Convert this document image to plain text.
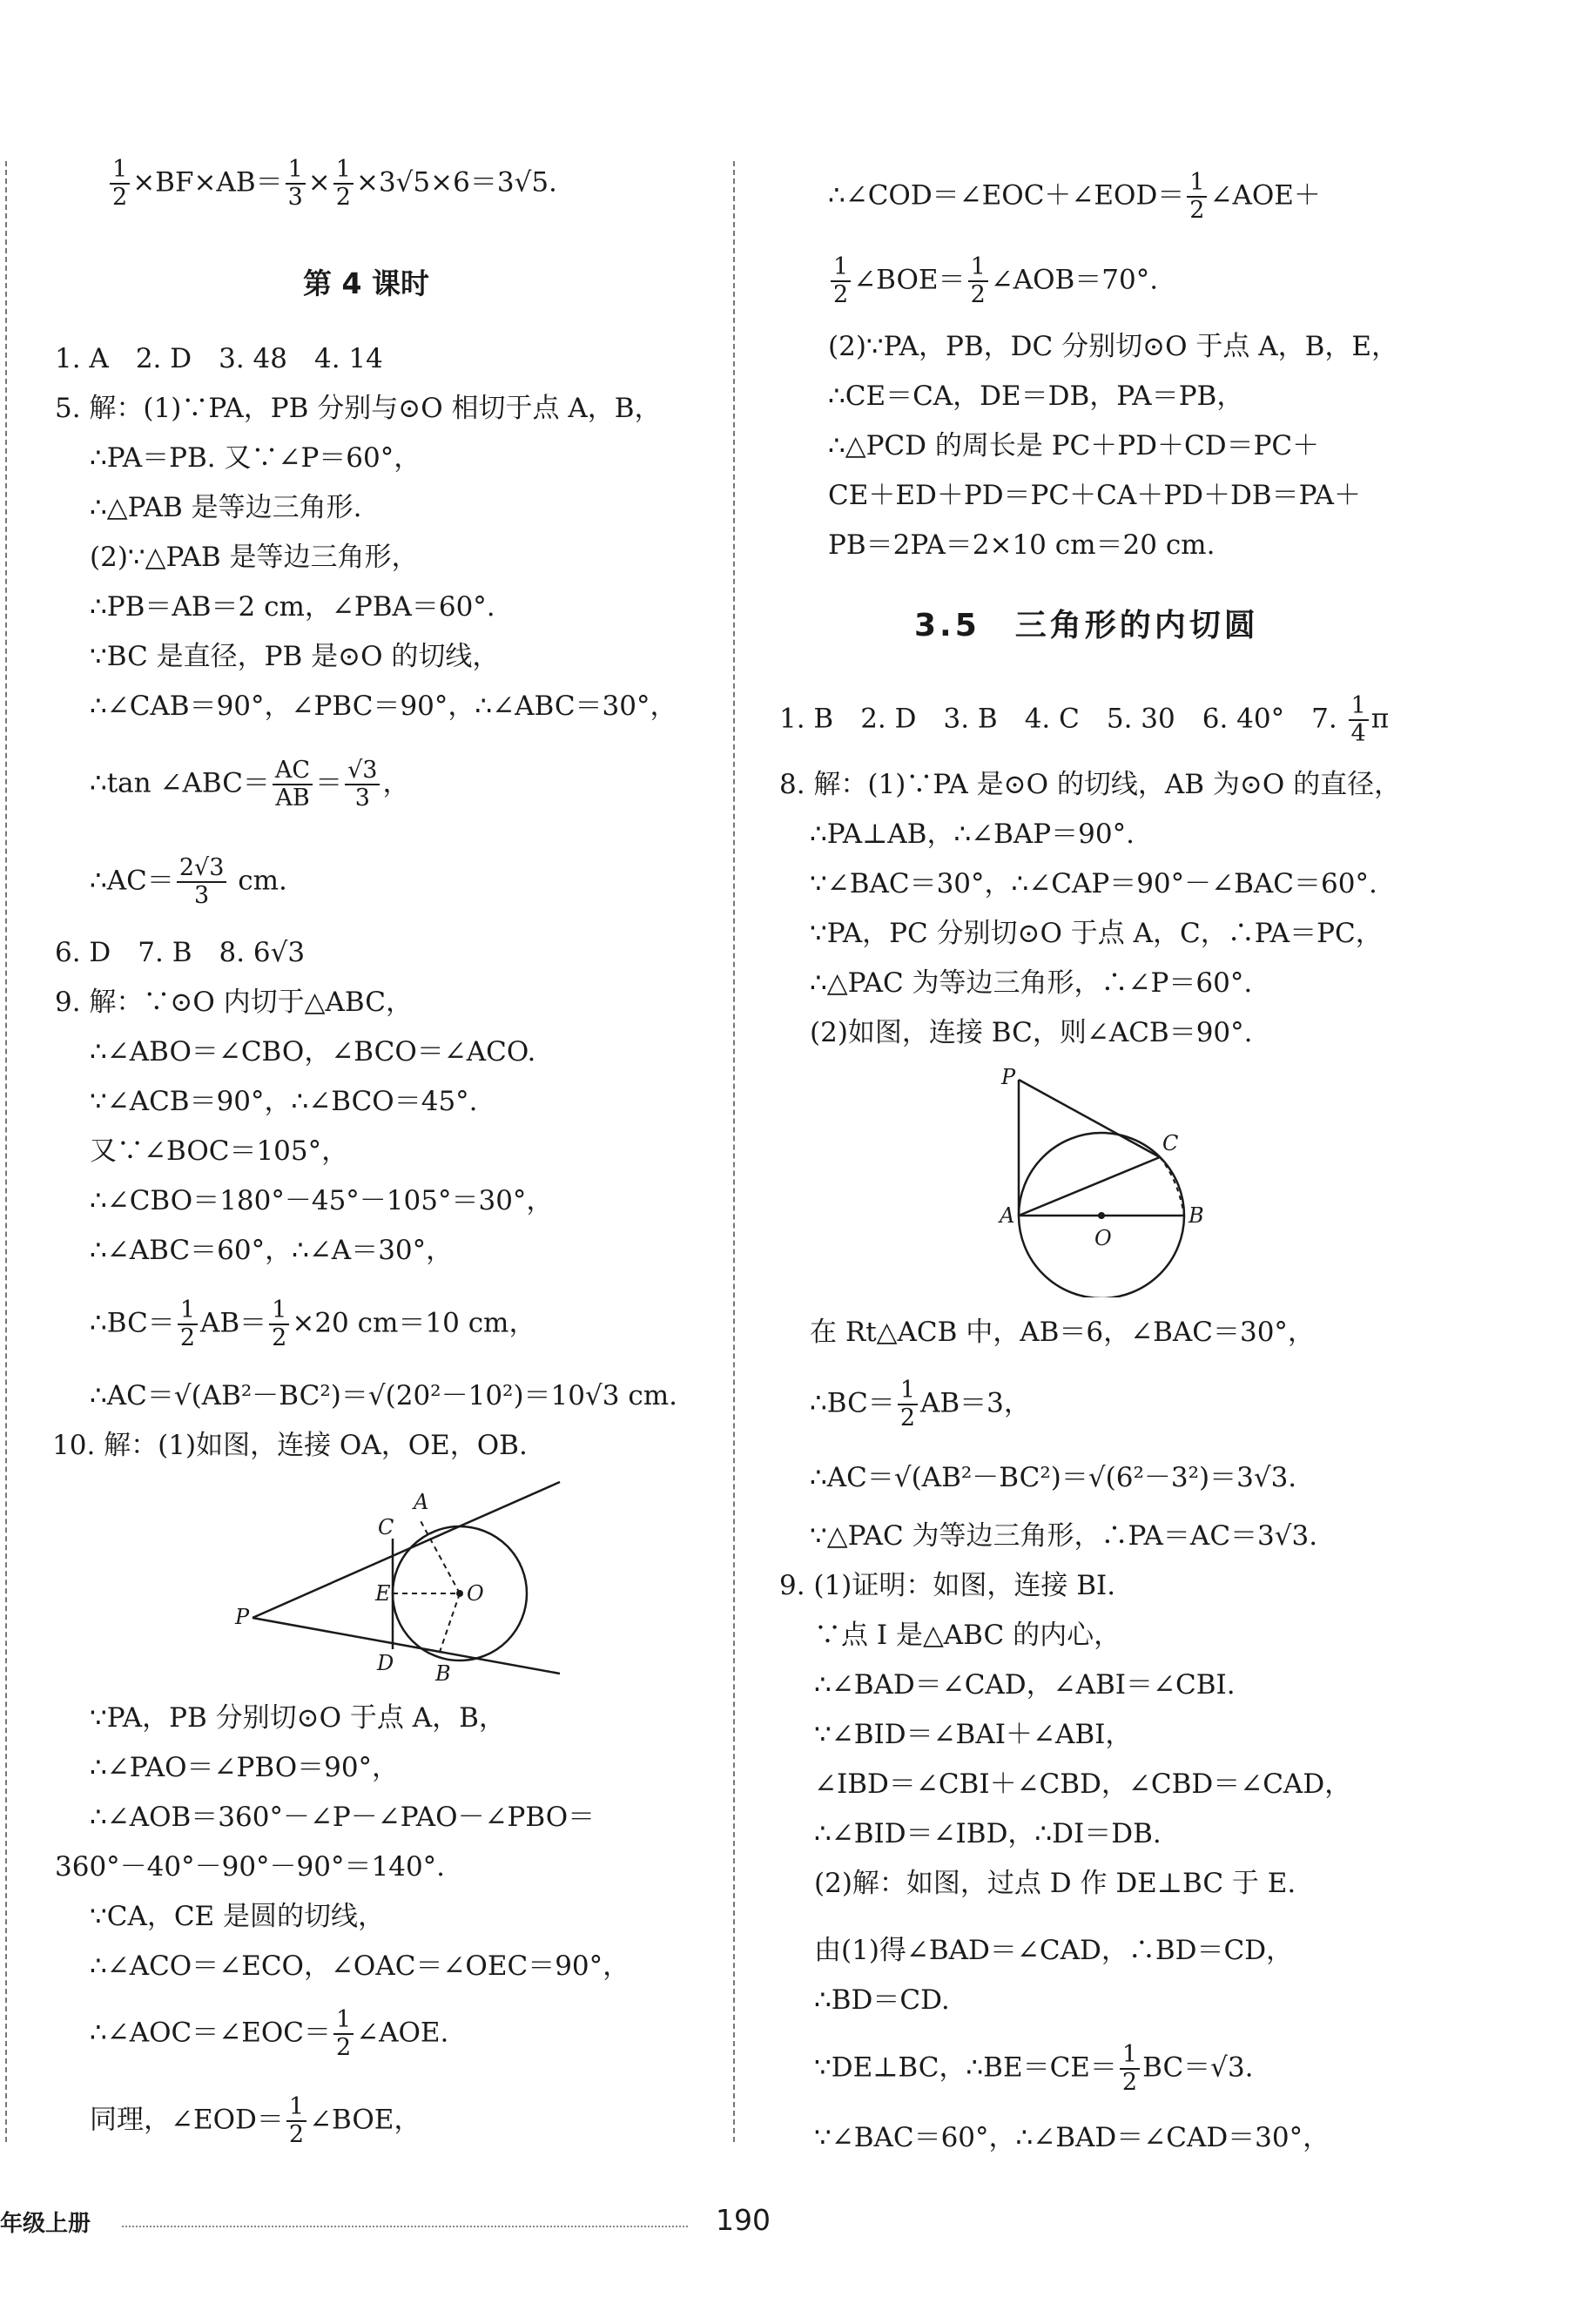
$\frac{1}{2} \times BF\times AB= \frac{1}{3} \times \frac{1}{2} \times 3√5\times 6=3√5$.
第 4 课时
1. A　2. D　3. 48　4. 14
5. 解：(1)∵PA，PB 分别与⊙O 相切于点 A，B，
∴PA＝PB. 又∵∠P＝60°，
∴△PAB 是等边三角形.
(2)∵△PAB 是等边三角形，
∴PB＝AB＝2 cm，∠PBA＝60°.
∵BC 是直径，PB 是⊙O 的切线，
∴∠CAB＝90°，∠PBC＝90°，∴∠ABC＝30°，
∴tan ∠ABC＝ $\frac{AC}{AB} = \frac{√3}{3}$ ，
∴AC＝ $\frac{2√3}{3}$ cm.
6. D　7. B　8. 6√3
9. 解：∵⊙O 内切于△ABC，
∴∠ABO＝∠CBO，∠BCO＝∠ACO.
∵∠ACB＝90°，∴∠BCO＝45°.
又∵∠BOC＝105°，
∴∠CBO＝180°－45°－105°＝30°，
∴∠ABC＝60°，∴∠A＝30°，
∴BC＝ $\frac{1}{2} AB= \frac{1}{2} \times 20$ cm＝10 cm，
∴AC＝√(AB²－BC²)＝√(20²－10²)＝10√3 cm.
10. 解：(1)如图，连接 OA，OE，OB.
P
A
C
E	O
D B
∵PA，PB 分别切⊙O 于点 A，B，
∴∠PAO＝∠PBO＝90°，
∴∠AOB＝360°－∠P－∠PAO－∠PBO＝
360°－40°－90°－90°＝140°.
∵CA，CE 是圆的切线，
∴∠ACO＝∠ECO，∠OAC＝∠OEC＝90°，
∴∠AOC＝∠EOC＝ $\frac{1}{2}$ ∠AOE.
同理，∠EOD＝ $\frac{1}{2}$ ∠BOE，
∴∠COD＝∠EOC＋∠EOD＝ $\frac{1}{2}$ ∠AOE＋
$\frac{1}{2}$ ∠BOE＝ $\frac{1}{2}$ ∠AOB＝70°.
(2)∵PA，PB，DC 分别切⊙O 于点 A，B，E，
∴CE＝CA，DE＝DB，PA＝PB，
∴△PCD 的周长是 PC＋PD＋CD＝PC＋
CE＋ED＋PD＝PC＋CA＋PD＋DB＝PA＋
PB＝2PA＝2×10 cm＝20 cm.
3.5　三角形的内切圆
1. B　2. D　3. B　4. C　5. 30　6. 40°　7. $\frac{1}{4}$ π
8. 解：(1)∵PA 是⊙O 的切线，AB 为⊙O 的直径，
∴PA⊥AB，∴∠BAP＝90°.
∵∠BAC＝30°，∴∠CAP＝90°－∠BAC＝60°.
∵PA，PC 分别切⊙O 于点 A，C，∴PA＝PC，
∴△PAC 为等边三角形，∴∠P＝60°.
(2)如图，连接 BC，则∠ACB＝90°.
P
C
A	B
O
在 Rt△ACB 中，AB＝6，∠BAC＝30°，
∴BC＝ $\frac{1}{2} AB=3$，
∴AC＝√(AB²－BC²)＝√(6²－3²)＝3√3.
∵△PAC 为等边三角形，∴PA＝AC＝3√3.
9. (1)证明：如图，连接 BI.
∵点 I 是△ABC 的内心，
∴∠BAD＝∠CAD，∠ABI＝∠CBI.
∵∠BID＝∠BAI＋∠ABI，
∠IBD＝∠CBI＋∠CBD，∠CBD＝∠CAD，
∴∠BID＝∠IBD，∴DI＝DB.
(2)解：如图，过点 D 作 DE⊥BC 于 E.
由(1)得∠BAD＝∠CAD，∴BD＝CD，
∴BD＝CD.
∵DE⊥BC，∴BE＝CE＝ $\frac{1}{2} BC=√3$.
∵∠BAC＝60°，∴∠BAD＝∠CAD＝30°，
年级上册	190
